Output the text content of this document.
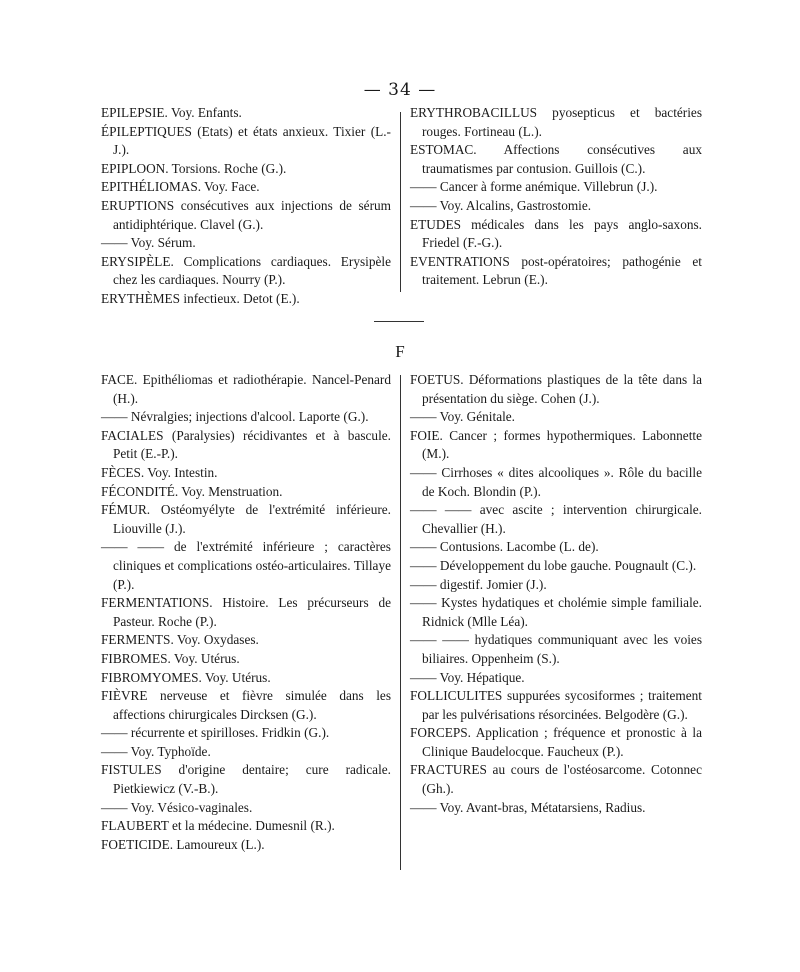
— 34 —

EPILEPSIE. Voy. Enfants.

ÉPILEPTIQUES (Etats) et états anxieux. Tixier (L.-J.).

EPIPLOON. Torsions. Roche (G.).

EPITHÉLIOMAS. Voy. Face.

ERUPTIONS consécutives aux injections de sérum antidiphtérique. Clavel (G.).

—— Voy. Sérum.

ERYSIPÈLE. Complications cardiaques. Erysipèle chez les cardiaques. Nourry (P.).

ERYTHÈMES infectieux. Detot (E.).

ERYTHROBACILLUS pyosepticus et bactéries rouges. Fortineau (L.).

ESTOMAC. Affections consécutives aux traumatismes par contusion. Guillois (C.).

—— Cancer à forme anémique. Villebrun (J.).

—— Voy. Alcalins, Gastrostomie.

ETUDES médicales dans les pays anglo-saxons. Friedel (F.-G.).

EVENTRATIONS post-opératoires; pathogénie et traitement. Lebrun (E.).

F

FACE. Epithéliomas et radiothérapie. Nancel-Penard (H.).

—— Névralgies; injections d'alcool. Laporte (G.).

FACIALES (Paralysies) récidivantes et à bascule. Petit (E.-P.).

FÈCES. Voy. Intestin.

FÉCONDITÉ. Voy. Menstruation.

FÉMUR. Ostéomyélyte de l'extrémité inférieure. Liouville (J.).

—— —— de l'extrémité inférieure ; caractères cliniques et complications ostéo-articulaires. Tillaye (P.).

FERMENTATIONS. Histoire. Les précurseurs de Pasteur. Roche (P.).

FERMENTS. Voy. Oxydases.

FIBROMES. Voy. Utérus.

FIBROMYOMES. Voy. Utérus.

FIÈVRE nerveuse et fièvre simulée dans les affections chirurgicales Dircksen (G.).

—— récurrente et spirilloses. Fridkin (G.).

—— Voy. Typhoïde.

FISTULES d'origine dentaire; cure radicale. Pietkiewicz (V.-B.).

—— Voy. Vésico-vaginales.

FLAUBERT et la médecine. Dumesnil (R.).

FOETICIDE. Lamoureux (L.).

FOETUS. Déformations plastiques de la tête dans la présentation du siège. Cohen (J.).

—— Voy. Génitale.

FOIE. Cancer ; formes hypothermiques. Labonnette (M.).

—— Cirrhoses « dites alcooliques ». Rôle du bacille de Koch. Blondin (P.).

—— —— avec ascite ; intervention chirurgicale. Chevallier (H.).

—— Contusions. Lacombe (L. de).

—— Développement du lobe gauche. Pougnault (C.).

—— digestif. Jomier (J.).

—— Kystes hydatiques et cholémie simple familiale. Ridnick (Mlle Léa).

—— —— hydatiques communiquant avec les voies biliaires. Oppenheim (S.).

—— Voy. Hépatique.

FOLLICULITES suppurées sycosiformes ; traitement par les pulvérisations résorcinées. Belgodère (G.).

FORCEPS. Application ; fréquence et pronostic à la Clinique Baudelocque. Faucheux (P.).

FRACTURES au cours de l'ostéosarcome. Cotonnec (Gh.).

—— Voy. Avant-bras, Métatarsiens, Radius.
